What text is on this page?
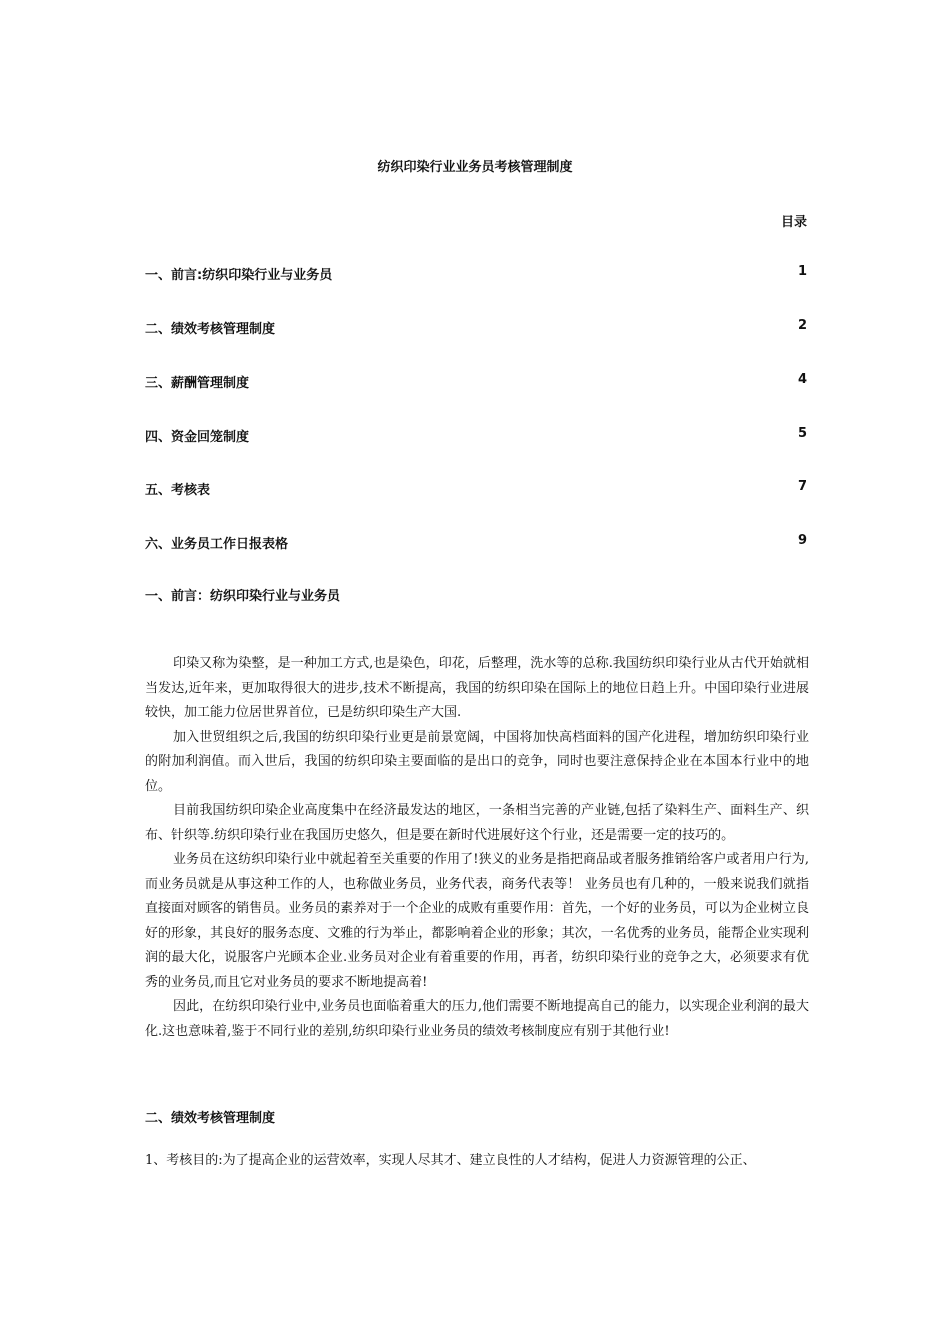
纺织印染行业业务员考核管理制度
目录
一、前言:纺织印染行业与业务员	1
二、绩效考核管理制度	2
三、薪酬管理制度	4
四、资金回笼制度	5
五、考核表	7
六、业务员工作日报表格	9
一、前言：纺织印染行业与业务员

印染又称为染整，是一种加工方式,也是染色，印花，后整理，洗水等的总称.我国纺织印染行业从古代开始就相当发达,近年来，更加取得很大的进步,技术不断提高，我国的纺织印染在国际上的地位日趋上升。中国印染行业进展较快，加工能力位居世界首位，已是纺织印染生产大国.

加入世贸组织之后,我国的纺织印染行业更是前景宽阔，中国将加快高档面料的国产化进程，增加纺织印染行业的附加利润值。而入世后，我国的纺织印染主要面临的是出口的竞争，同时也要注意保持企业在本国本行业中的地位。

目前我国纺织印染企业高度集中在经济最发达的地区，一条相当完善的产业链,包括了染料生产、面料生产、织布、针织等.纺织印染行业在我国历史悠久，但是要在新时代进展好这个行业，还是需要一定的技巧的。

业务员在这纺织印染行业中就起着至关重要的作用了!狭义的业务是指把商品或者服务推销给客户或者用户行为,而业务员就是从事这种工作的人，也称做业务员，业务代表，商务代表等！ 业务员也有几种的，一般来说我们就指直接面对顾客的销售员。业务员的素养对于一个企业的成败有重要作用：首先，一个好的业务员，可以为企业树立良好的形象，其良好的服务态度、文雅的行为举止，都影响着企业的形象；其次，一名优秀的业务员，能帮企业实现利润的最大化，说服客户光顾本企业.业务员对企业有着重要的作用，再者，纺织印染行业的竞争之大，必须要求有优秀的业务员,而且它对业务员的要求不断地提高着!

因此，在纺织印染行业中,业务员也面临着重大的压力,他们需要不断地提高自己的能力，以实现企业利润的最大化.这也意味着,鉴于不同行业的差别,纺织印染行业业务员的绩效考核制度应有别于其他行业!

二、绩效考核管理制度
1、考核目的:为了提高企业的运营效率，实现人尽其才、建立良性的人才结构，促进人力资源管理的公正、
